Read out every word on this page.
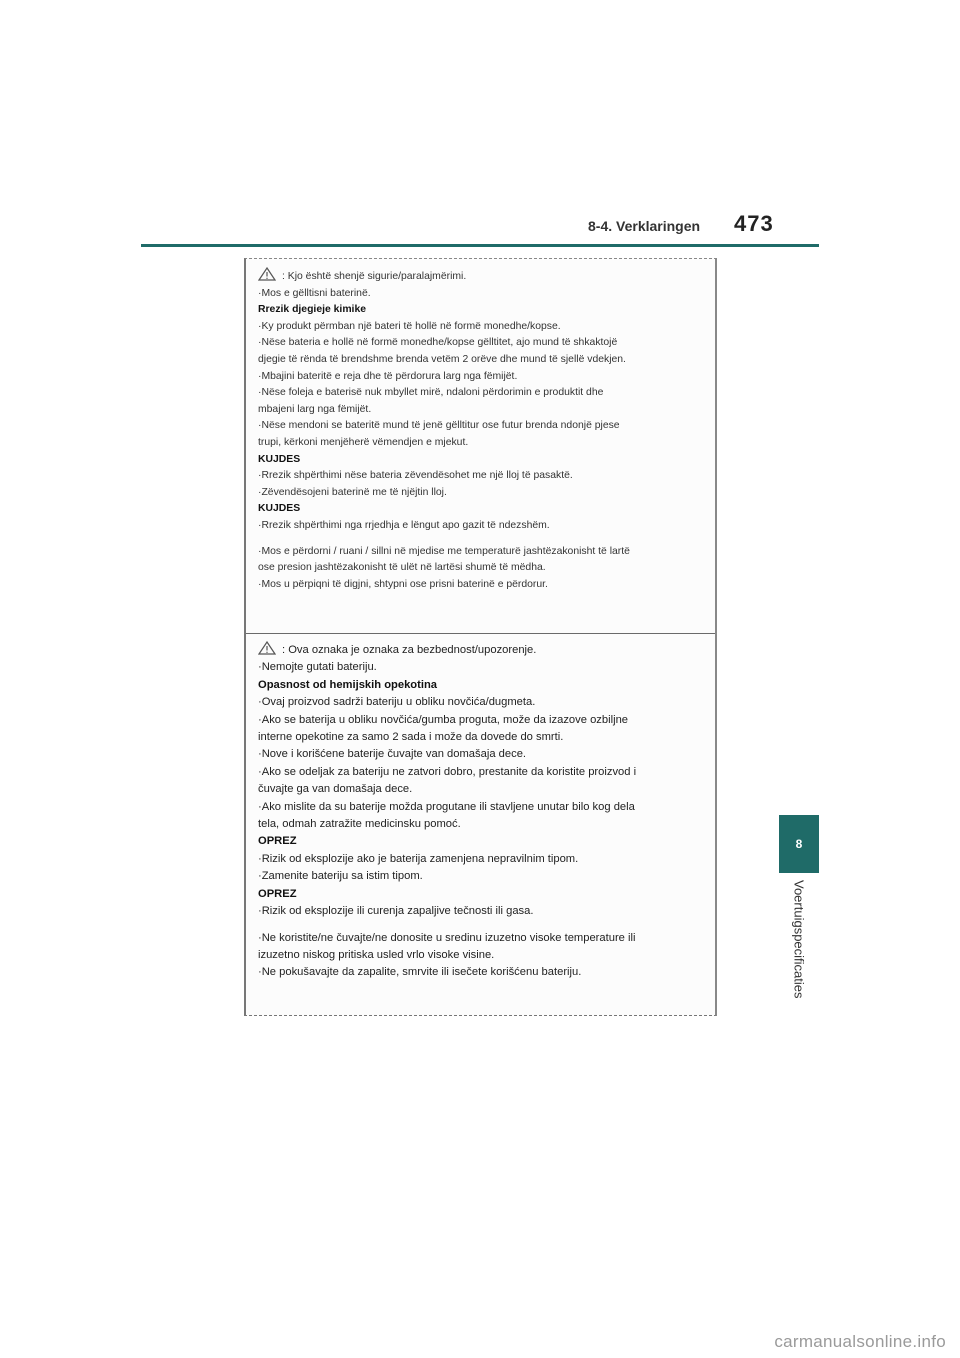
8-4. Verklaringen 473
8
Voertuigspecificaties
: Kjo është shenjë sigurie/paralajmërimi.
·Mos e gëlltisni baterinë.
Rrezik djegieje kimike
·Ky produkt përmban një bateri të hollë në formë monedhe/kopse.
·Nëse bateria e hollë në formë monedhe/kopse gëlltitet, ajo mund të shkaktojë
djegie të rënda të brendshme brenda vetëm 2 orëve dhe mund të sjellë vdekjen.
·Mbajini bateritë e reja dhe të përdorura larg nga fëmijët.
·Nëse foleja e baterisë nuk mbyllet mirë, ndaloni përdorimin e produktit dhe
mbajeni larg nga fëmijët.
·Nëse mendoni se bateritë mund të jenë gëlltitur ose futur brenda ndonjë pjese
trupi, kërkoni menjëherë vëmendjen e mjekut.
KUJDES
·Rrezik shpërthimi nëse bateria zëvendësohet me një lloj të pasaktë.
·Zëvendësojeni baterinë me të njëjtin lloj.
KUJDES
·Rrezik shpërthimi nga rrjedhja e lëngut apo gazit të ndezshëm.
·Mos e përdorni / ruani / sillni në mjedise me temperaturë jashtëzakonisht të lartë
ose presion jashtëzakonisht të ulët në lartësi shumë të mëdha.
·Mos u përpiqni të digjni, shtypni ose prisni baterinë e përdorur.
: Ova oznaka je oznaka za bezbednost/upozorenje.
·Nemojte gutati bateriju.
Opasnost od hemijskih opekotina
·Ovaj proizvod sadrži bateriju u obliku novčića/dugmeta.
·Ako se baterija u obliku novčića/gumba proguta, može da izazove ozbiljne
interne opekotine za samo 2 sada i može da dovede do smrti.
·Nove i korišćene baterije čuvajte van domašaja dece.
·Ako se odeljak za bateriju ne zatvori dobro, prestanite da koristite proizvod i
čuvajte ga van domašaja dece.
·Ako mislite da su baterije možda progutane ili stavljene unutar bilo kog dela
tela, odmah zatražite medicinsku pomoć.
OPREZ
·Rizik od eksplozije ako je baterija zamenjena nepravilnim tipom.
·Zamenite bateriju sa istim tipom.
OPREZ
·Rizik od eksplozije ili curenja zapaljive tečnosti ili gasa.
·Ne koristite/ne čuvajte/ne donosite u sredinu izuzetno visoke temperature ili
izuzetno niskog pritiska usled vrlo visoke visine.
·Ne pokušavajte da zapalite, smrvite ili isečete korišćenu bateriju.
carmanualsonline.info
